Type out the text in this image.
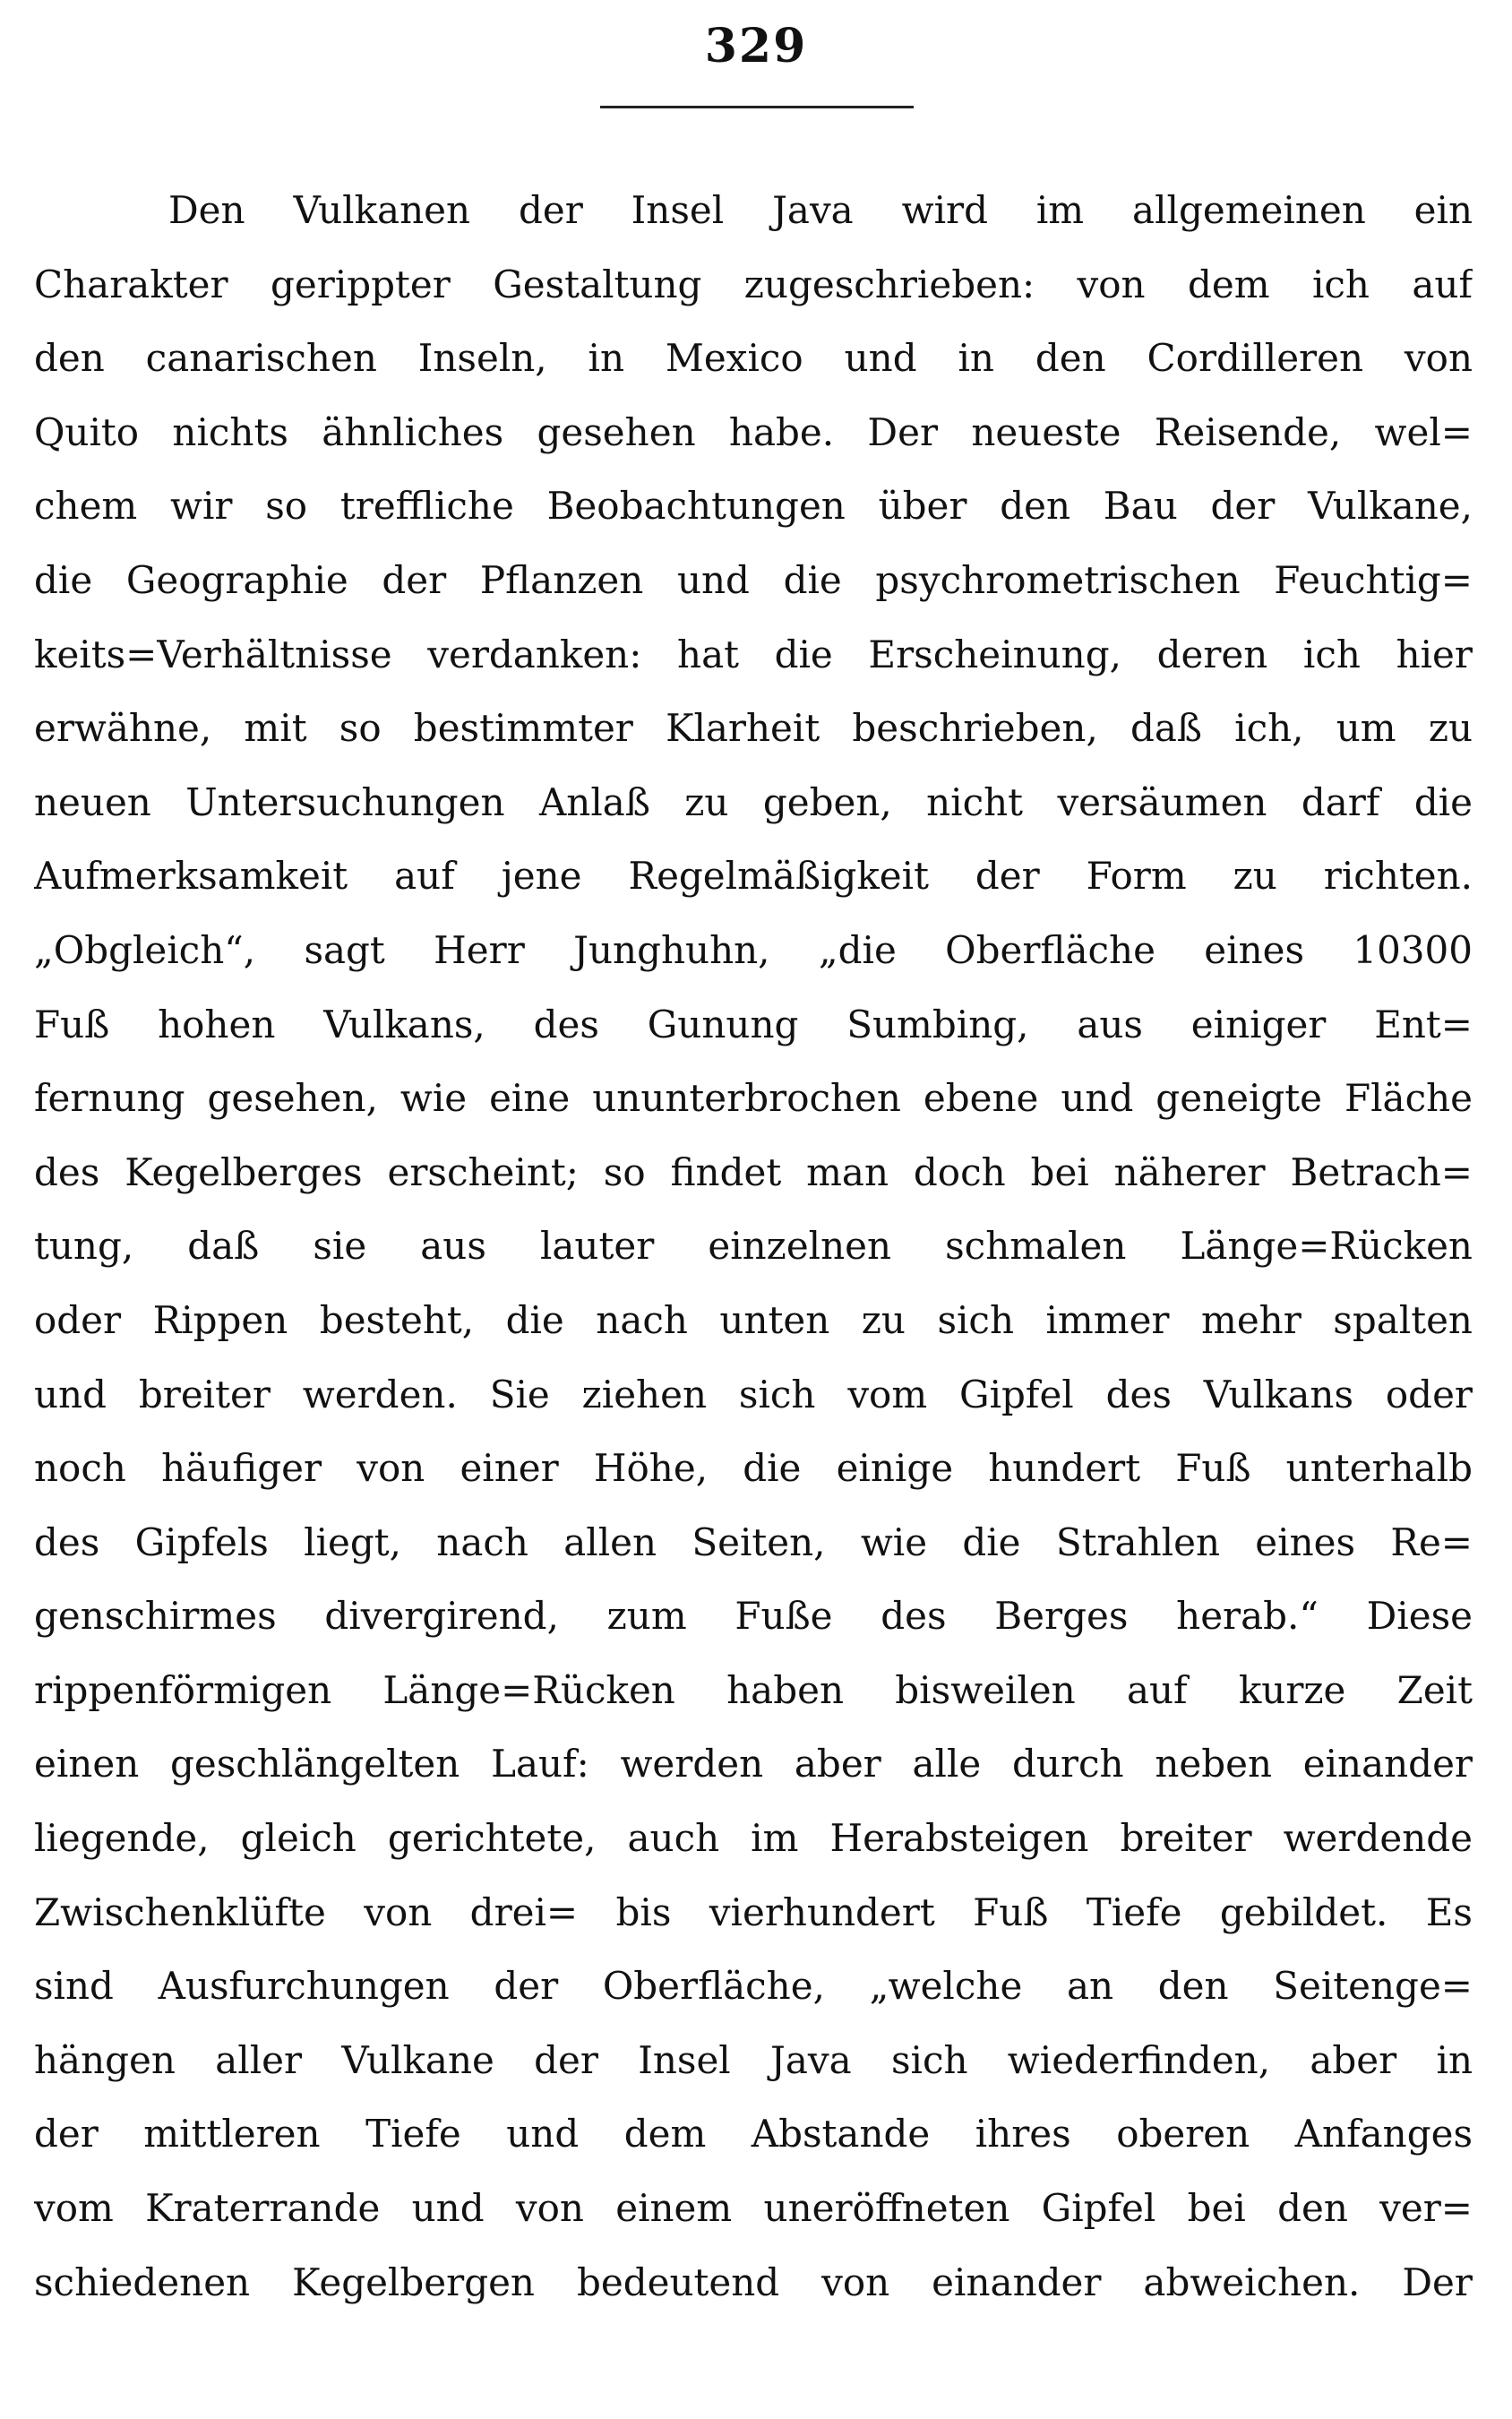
329
Den Vulkanen der Insel Java wird im allgemeinen ein
Charakter gerippter Gestaltung zugeschrieben: von dem ich auf
den canarischen Inseln, in Mexico und in den Cordilleren von
Quito nichts ähnliches gesehen habe. Der neueste Reisende, wel=
chem wir so treffliche Beobachtungen über den Bau der Vulkane,
die Geographie der Pflanzen und die psychrometrischen Feuchtig=
keits=Verhältnisse verdanken: hat die Erscheinung, deren ich hier
erwähne, mit so bestimmter Klarheit beschrieben, daß ich, um zu
neuen Untersuchungen Anlaß zu geben, nicht versäumen darf die
Aufmerksamkeit auf jene Regelmäßigkeit der Form zu richten.
„Obgleich“, sagt Herr Junghuhn, „die Oberfläche eines 10300
Fuß hohen Vulkans, des Gunung Sumbing, aus einiger Ent=
fernung gesehen, wie eine ununterbrochen ebene und geneigte Fläche
des Kegelberges erscheint; so findet man doch bei näherer Betrach=
tung, daß sie aus lauter einzelnen schmalen Länge=Rücken
oder Rippen besteht, die nach unten zu sich immer mehr spalten
und breiter werden. Sie ziehen sich vom Gipfel des Vulkans oder
noch häufiger von einer Höhe, die einige hundert Fuß unterhalb
des Gipfels liegt, nach allen Seiten, wie die Strahlen eines Re=
genschirmes divergirend, zum Fuße des Berges herab.“ Diese
rippenförmigen Länge=Rücken haben bisweilen auf kurze Zeit
einen geschlängelten Lauf: werden aber alle durch neben einander
liegende, gleich gerichtete, auch im Herabsteigen breiter werdende
Zwischenklüfte von drei= bis vierhundert Fuß Tiefe gebildet. Es
sind Ausfurchungen der Oberfläche, „welche an den Seitenge=
hängen aller Vulkane der Insel Java sich wiederfinden, aber in
der mittleren Tiefe und dem Abstande ihres oberen Anfanges
vom Kraterrande und von einem uneröffneten Gipfel bei den ver=
schiedenen Kegelbergen bedeutend von einander abweichen. Der
